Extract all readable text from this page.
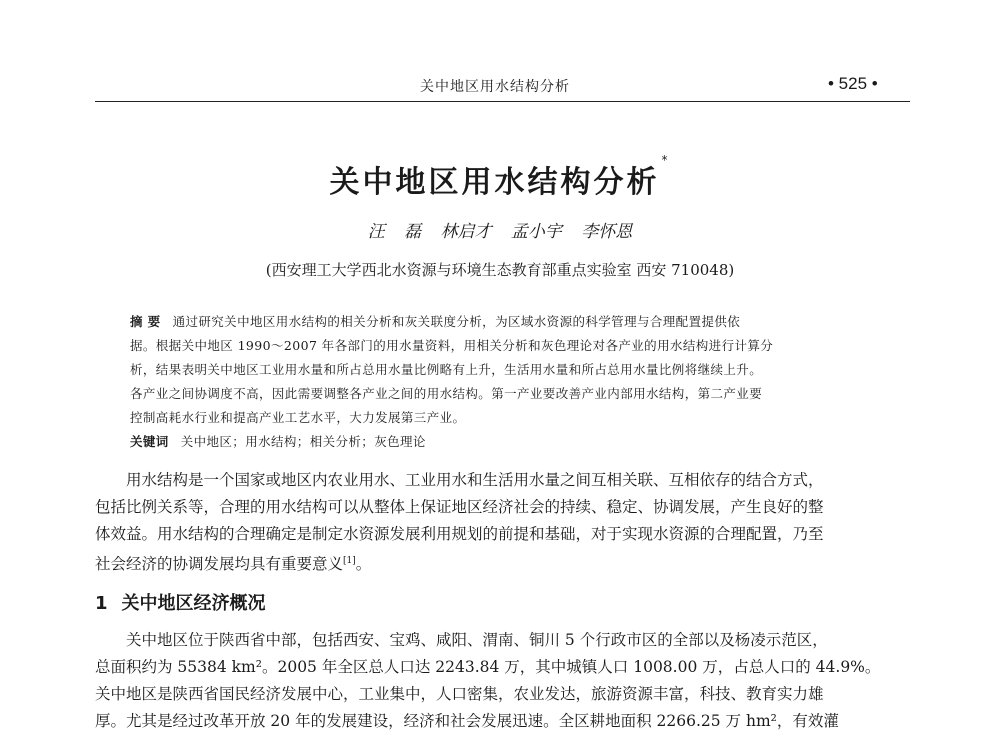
关中地区用水结构分析	• 525 •
关中地区用水结构分析*
汪 磊 林启才 孟小宇 李怀恩
(西安理工大学西北水资源与环境生态教育部重点实验室 西安 710048)
摘 要 通过研究关中地区用水结构的相关分析和灰关联度分析，为区域水资源的科学管理与合理配置提供依
据。根据关中地区 1990～2007 年各部门的用水量资料，用相关分析和灰色理论对各产业的用水结构进行计算分
析，结果表明关中地区工业用水量和所占总用水量比例略有上升，生活用水量和所占总用水量比例将继续上升。
各产业之间协调度不高，因此需要调整各产业之间的用水结构。第一产业要改善产业内部用水结构，第二产业要
控制高耗水行业和提高产业工艺水平，大力发展第三产业。
关键词 关中地区；用水结构；相关分析；灰色理论
用水结构是一个国家或地区内农业用水、工业用水和生活用水量之间互相关联、互相依存的结合方式，
包括比例关系等，合理的用水结构可以从整体上保证地区经济社会的持续、稳定、协调发展，产生良好的整
体效益。用水结构的合理确定是制定水资源发展利用规划的前提和基础，对于实现水资源的合理配置，乃至
社会经济的协调发展均具有重要意义[1]。
1 关中地区经济概况
关中地区位于陕西省中部，包括西安、宝鸡、咸阳、渭南、铜川 5 个行政市区的全部以及杨凌示范区，
总面积约为 55384 km²。2005 年全区总人口达 2243.84 万，其中城镇人口 1008.00 万，占总人口的 44.9%。
关中地区是陕西省国民经济发展中心，工业集中，人口密集，农业发达，旅游资源丰富，科技、教育实力雄
厚。尤其是经过改革开放 20 年的发展建设，经济和社会发展迅速。全区耕地面积 2266.25 万 hm²，有效灌
